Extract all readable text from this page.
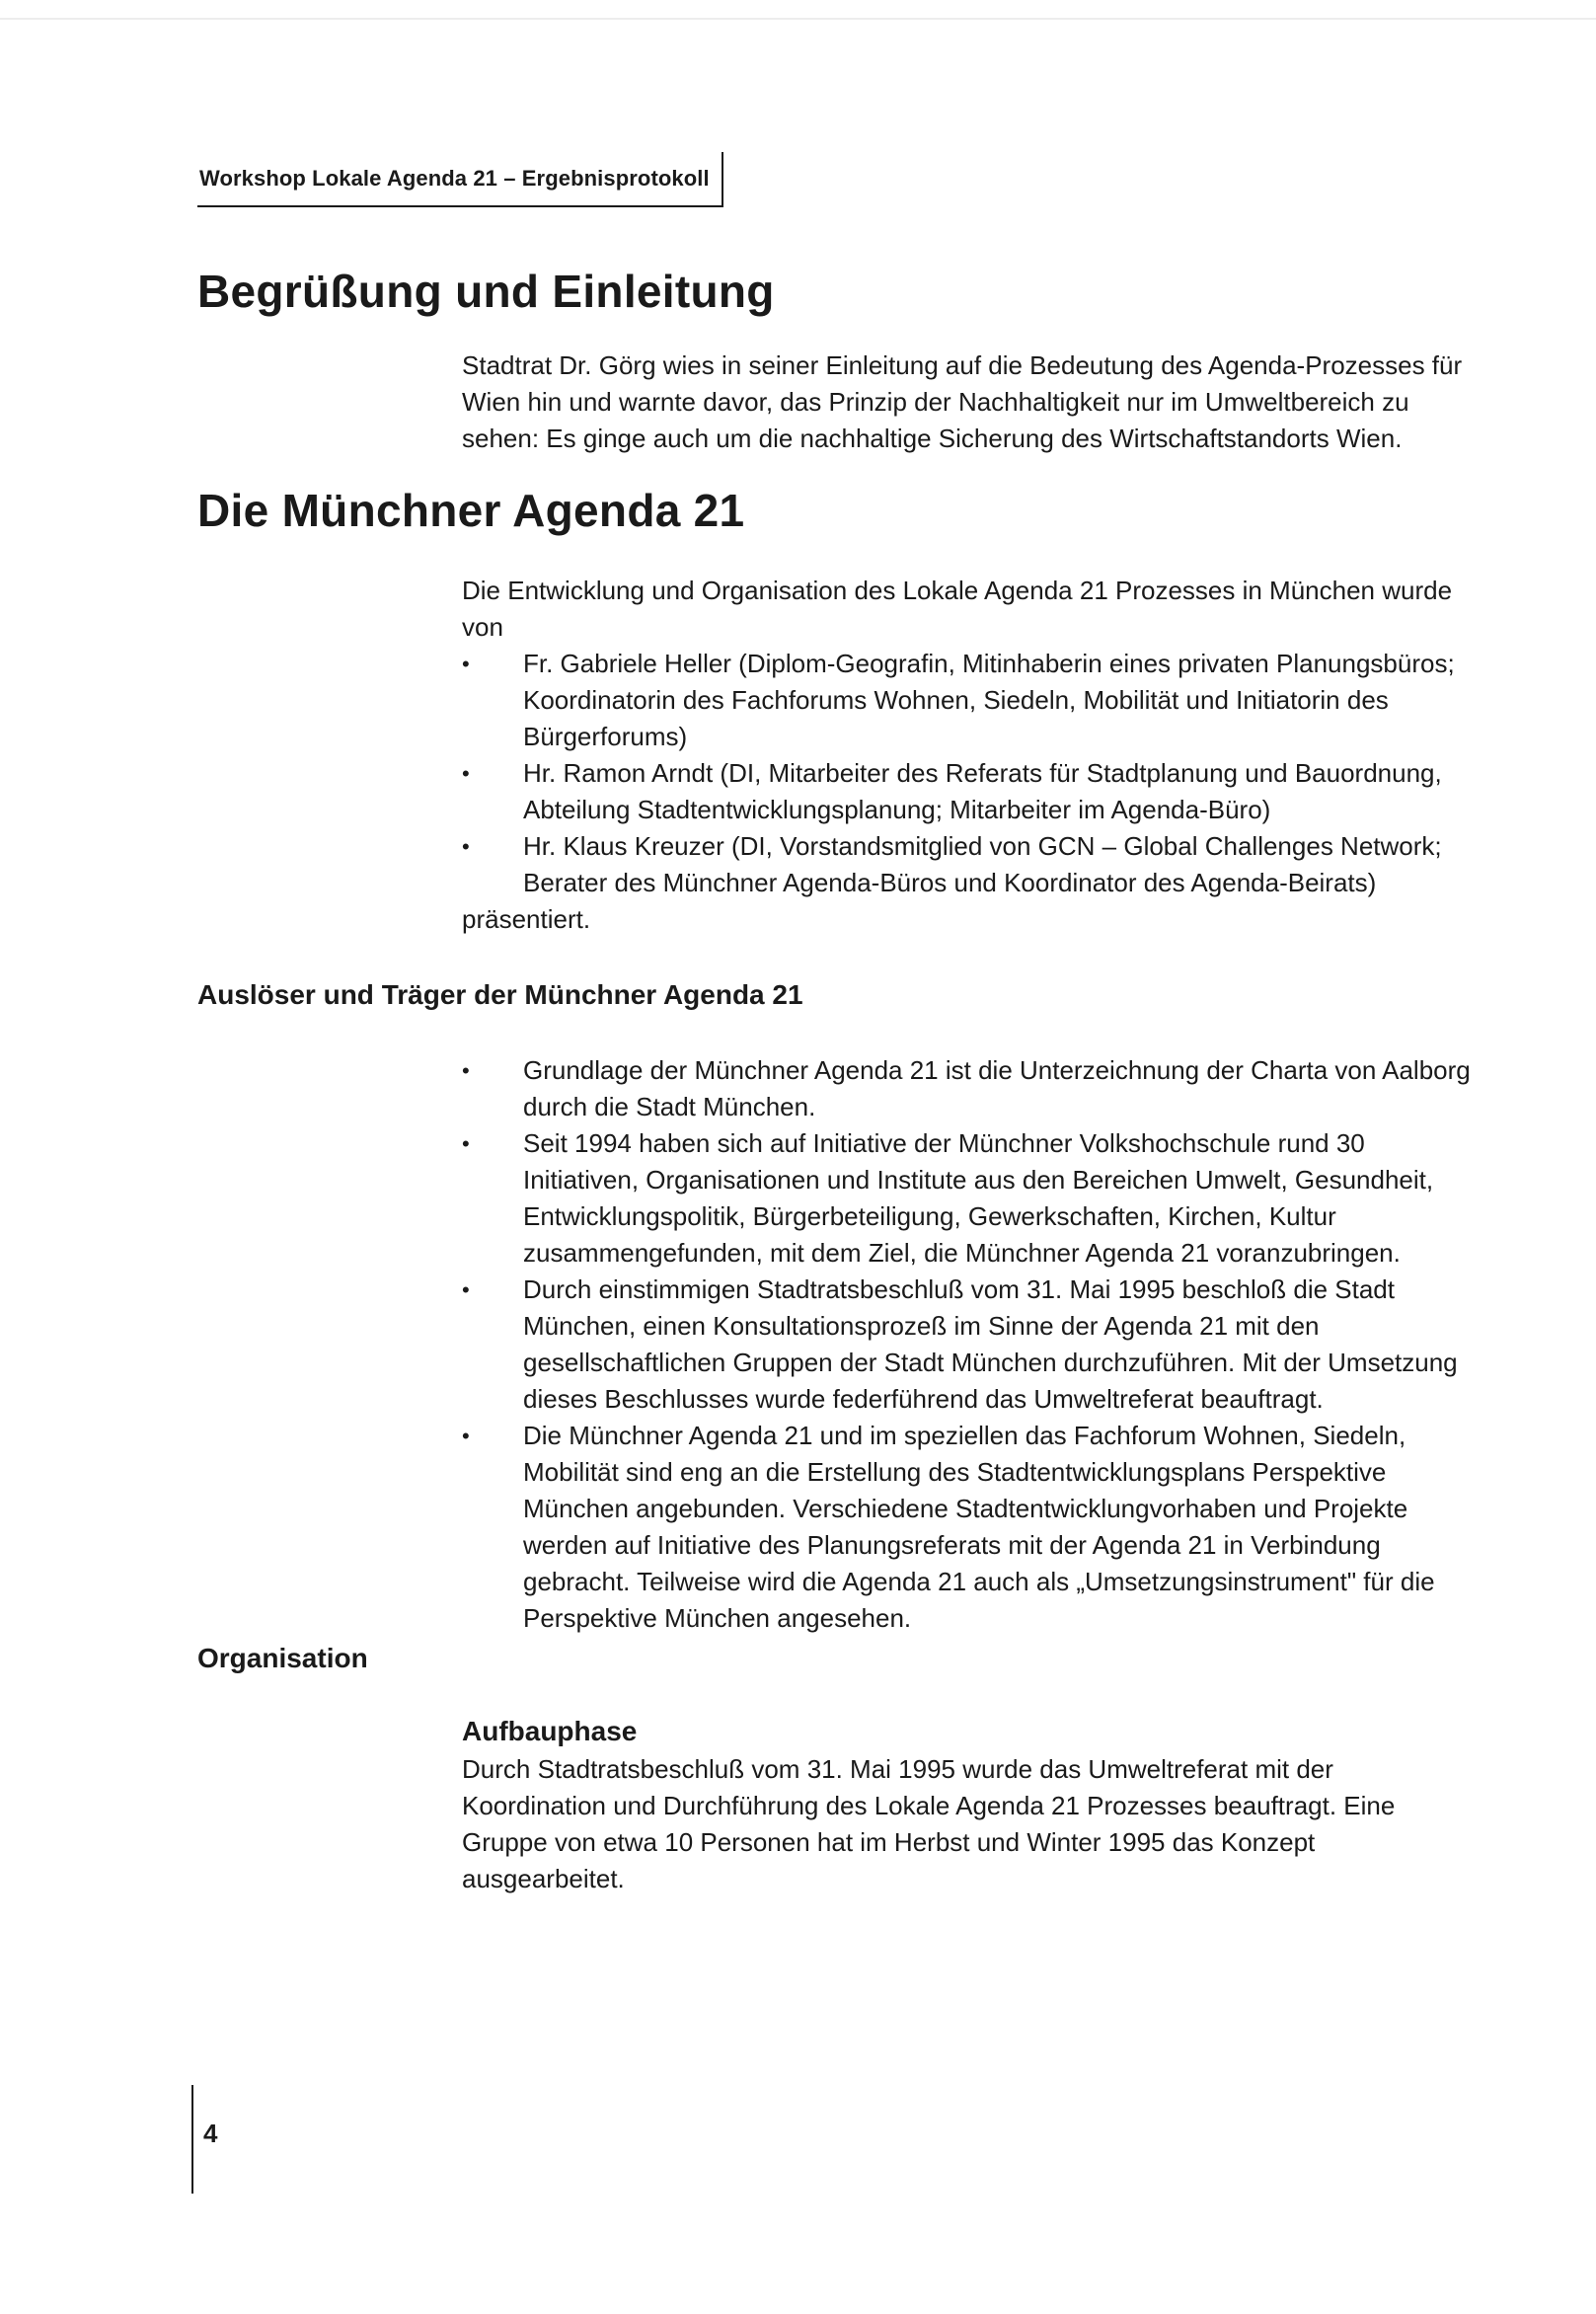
Workshop Lokale Agenda 21 – Ergebnisprotokoll
Begrüßung und Einleitung

Stadtrat Dr. Görg wies in seiner Einleitung auf die Bedeutung des Agenda-Prozesses für Wien hin und warnte davor, das Prinzip der Nachhaltigkeit nur im Umweltbereich zu sehen: Es ginge auch um die nachhaltige Sicherung des Wirtschaftstandorts Wien.

Die Münchner Agenda 21

Die Entwicklung und Organisation des Lokale Agenda 21 Prozesses in München wurde von

• Fr. Gabriele Heller (Diplom-Geografin, Mitinhaberin eines privaten Planungsbüros; Koordinatorin des Fachforums Wohnen, Siedeln, Mobilität und Initiatorin des Bürgerforums)
• Hr. Ramon Arndt (DI, Mitarbeiter des Referats für Stadtplanung und Bauordnung, Abteilung Stadtentwicklungsplanung; Mitarbeiter im Agenda-Büro)
• Hr. Klaus Kreuzer (DI, Vorstandsmitglied von GCN – Global Challenges Network; Berater des Münchner Agenda-Büros und Koordinator des Agenda-Beirats)

präsentiert.

Auslöser und Träger der Münchner Agenda 21
• Grundlage der Münchner Agenda 21 ist die Unterzeichnung der Charta von Aalborg durch die Stadt München.
• Seit 1994 haben sich auf Initiative der Münchner Volkshochschule rund 30 Initiativen, Organisationen und Institute aus den Bereichen Umwelt, Gesundheit, Entwicklungspolitik, Bürgerbeteiligung, Gewerkschaften, Kirchen, Kultur zusammengefunden, mit dem Ziel, die Münchner Agenda 21 voranzubringen.
• Durch einstimmigen Stadtratsbeschluß vom 31. Mai 1995 beschloß die Stadt München, einen Konsultationsprozeß im Sinne der Agenda 21 mit den gesellschaftlichen Gruppen der Stadt München durchzuführen. Mit der Umsetzung dieses Beschlusses wurde federführend das Umweltreferat beauftragt.
• Die Münchner Agenda 21 und im speziellen das Fachforum Wohnen, Siedeln, Mobilität sind eng an die Erstellung des Stadtentwicklungsplans Perspektive München angebunden. Verschiedene Stadtentwicklungvorhaben und Projekte werden auf Initiative des Planungsreferats mit der Agenda 21 in Verbindung gebracht. Teilweise wird die Agenda 21 auch als „Umsetzungsinstrument" für die Perspektive München angesehen.
Organisation
Aufbauphase

Durch Stadtratsbeschluß vom 31. Mai 1995 wurde das Umweltreferat mit der Koordination und Durchführung des Lokale Agenda 21 Prozesses beauftragt. Eine Gruppe von etwa 10 Personen hat im Herbst und Winter 1995 das Konzept ausgearbeitet.

4
